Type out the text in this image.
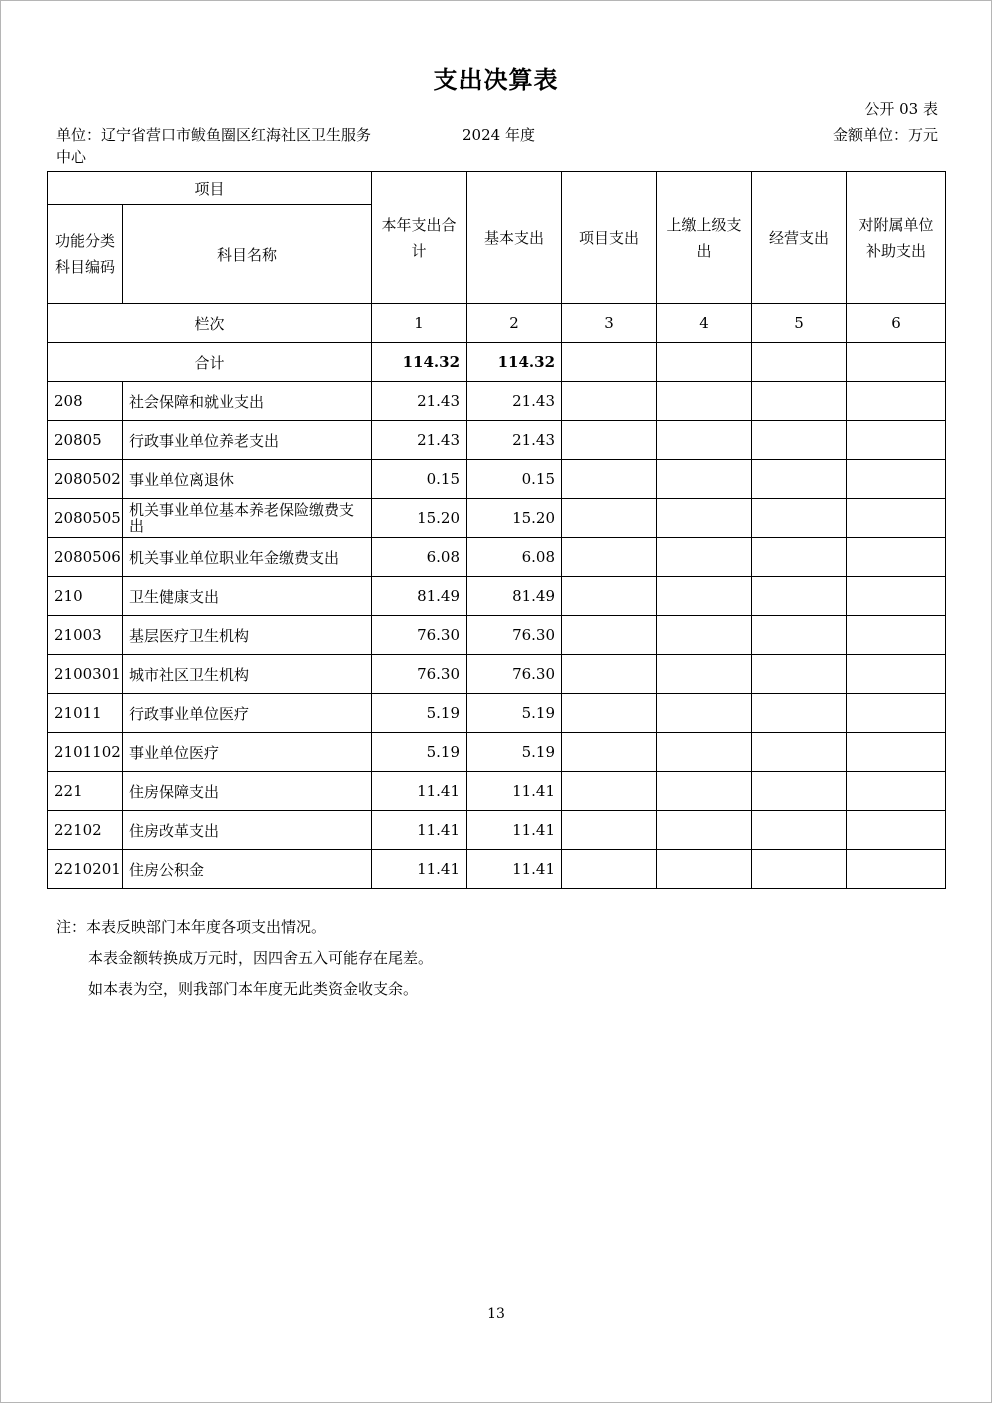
支出决算表
公开 03 表
单位：辽宁省营口市鲅鱼圈区红海社区卫生服务
中心
2024 年度	金额单位：万元
项目		本年支出合计	基本支出	项目支出	上缴上级支出	经营支出	对附属单位补助支出
功能分类科目编码	科目名称						
栏次		1	2	3	4	5	6
合计		114.32	114.32				
208	社会保障和就业支出	21.43	21.43				
20805	行政事业单位养老支出	21.43	21.43				
2080502	事业单位离退休	0.15	0.15				
2080505	机关事业单位基本养老保险缴费支出	15.20	15.20				
2080506	机关事业单位职业年金缴费支出	6.08	6.08				
210	卫生健康支出	81.49	81.49				
21003	基层医疗卫生机构	76.30	76.30				
2100301	城市社区卫生机构	76.30	76.30				
21011	行政事业单位医疗	5.19	5.19				
2101102	事业单位医疗	5.19	5.19				
221	住房保障支出	11.41	11.41				
22102	住房改革支出	11.41	11.41				
2210201	住房公积金	11.41	11.41				
注：本表反映部门本年度各项支出情况。
本表金额转换成万元时，因四舍五入可能存在尾差。
如本表为空，则我部门本年度无此类资金收支余。
13
